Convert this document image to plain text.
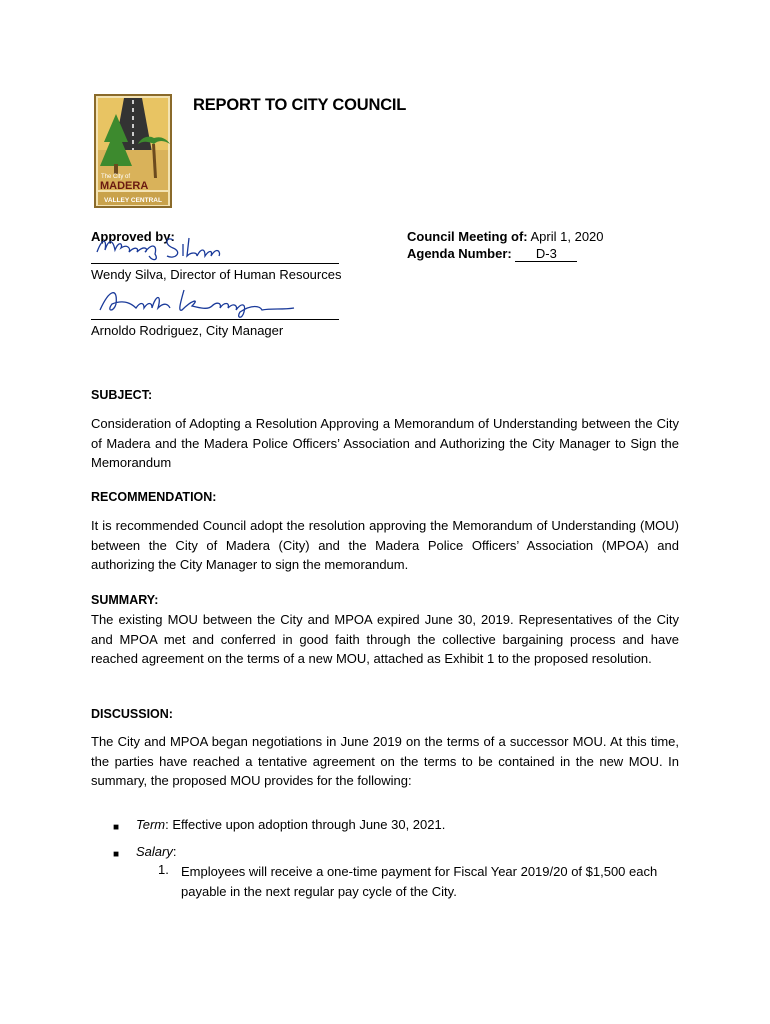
The City of
MADERA
VALLEY CENTRAL
REPORT TO CITY COUNCIL
Approved by:
Wendy Silva, Director of Human Resources
Arnoldo Rodriguez, City Manager
Council Meeting of: April 1, 2020
Agenda Number: D-3
SUBJECT:
Consideration of Adopting a Resolution Approving a Memorandum of Understanding between the City of Madera and the Madera Police Officers’ Association and Authorizing the City Manager to Sign the Memorandum
RECOMMENDATION:
It is recommended Council adopt the resolution approving the Memorandum of Understanding (MOU) between the City of Madera (City) and the Madera Police Officers’ Association (MPOA) and authorizing the City Manager to sign the memorandum.
SUMMARY:
The existing MOU between the City and MPOA expired June 30, 2019. Representatives of the City and MPOA met and conferred in good faith through the collective bargaining process and have reached agreement on the terms of a new MOU, attached as Exhibit 1 to the proposed resolution.
DISCUSSION:
The City and MPOA began negotiations in June 2019 on the terms of a successor MOU. At this time, the parties have reached a tentative agreement on the terms to be contained in the new MOU. In summary, the proposed MOU provides for the following:
■ Term: Effective upon adoption through June 30, 2021.
■ Salary:
1. Employees will receive a one-time payment for Fiscal Year 2019/20 of $1,500 each payable in the next regular pay cycle of the City.
